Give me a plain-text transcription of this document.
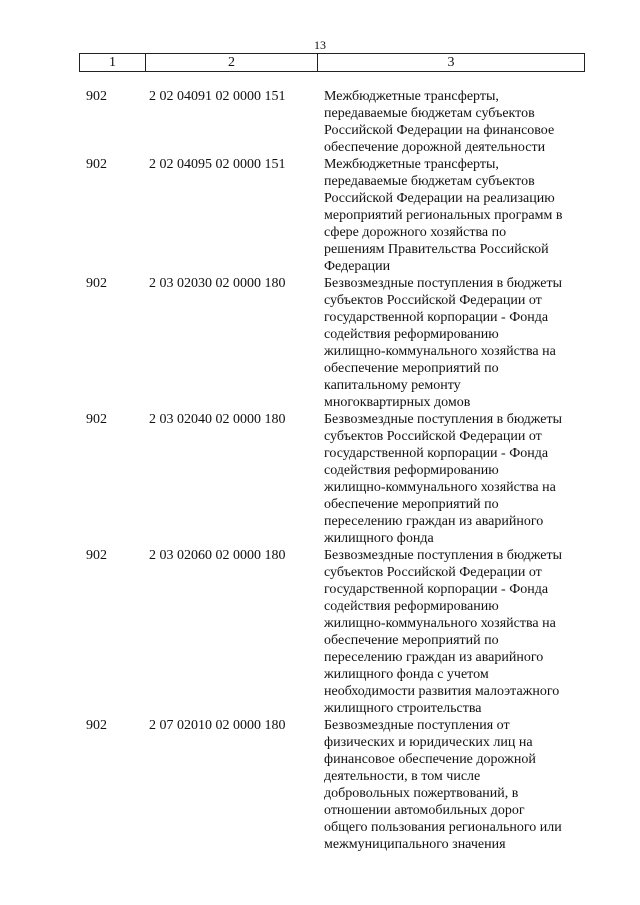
13
1	2	3
902	2 02 04091 02 0000 151	Межбюджетные трансферты,
передаваемые бюджетам субъектов
Российской Федерации на финансовое
обеспечение дорожной деятельности
902	2 02 04095 02 0000 151	Межбюджетные трансферты,
передаваемые бюджетам субъектов
Российской Федерации на реализацию
мероприятий региональных программ в
сфере дорожного хозяйства по
решениям Правительства Российской
Федерации
902	2 03 02030 02 0000 180	Безвозмездные поступления в бюджеты
субъектов Российской Федерации от
государственной корпорации - Фонда
содействия реформированию
жилищно-коммунального хозяйства на
обеспечение мероприятий по
капитальному ремонту
многоквартирных домов
902	2 03 02040 02 0000 180	Безвозмездные поступления в бюджеты
субъектов Российской Федерации от
государственной корпорации - Фонда
содействия реформированию
жилищно-коммунального хозяйства на
обеспечение мероприятий по
переселению граждан из аварийного
жилищного фонда
902	2 03 02060 02 0000 180	Безвозмездные поступления в бюджеты
субъектов Российской Федерации от
государственной корпорации - Фонда
содействия реформированию
жилищно-коммунального хозяйства на
обеспечение мероприятий по
переселению граждан из аварийного
жилищного фонда с учетом
необходимости развития малоэтажного
жилищного строительства
902	2 07 02010 02 0000 180	Безвозмездные поступления от
физических и юридических лиц на
финансовое обеспечение дорожной
деятельности, в том числе
добровольных пожертвований, в
отношении автомобильных дорог
общего пользования регионального или
межмуниципального значения
